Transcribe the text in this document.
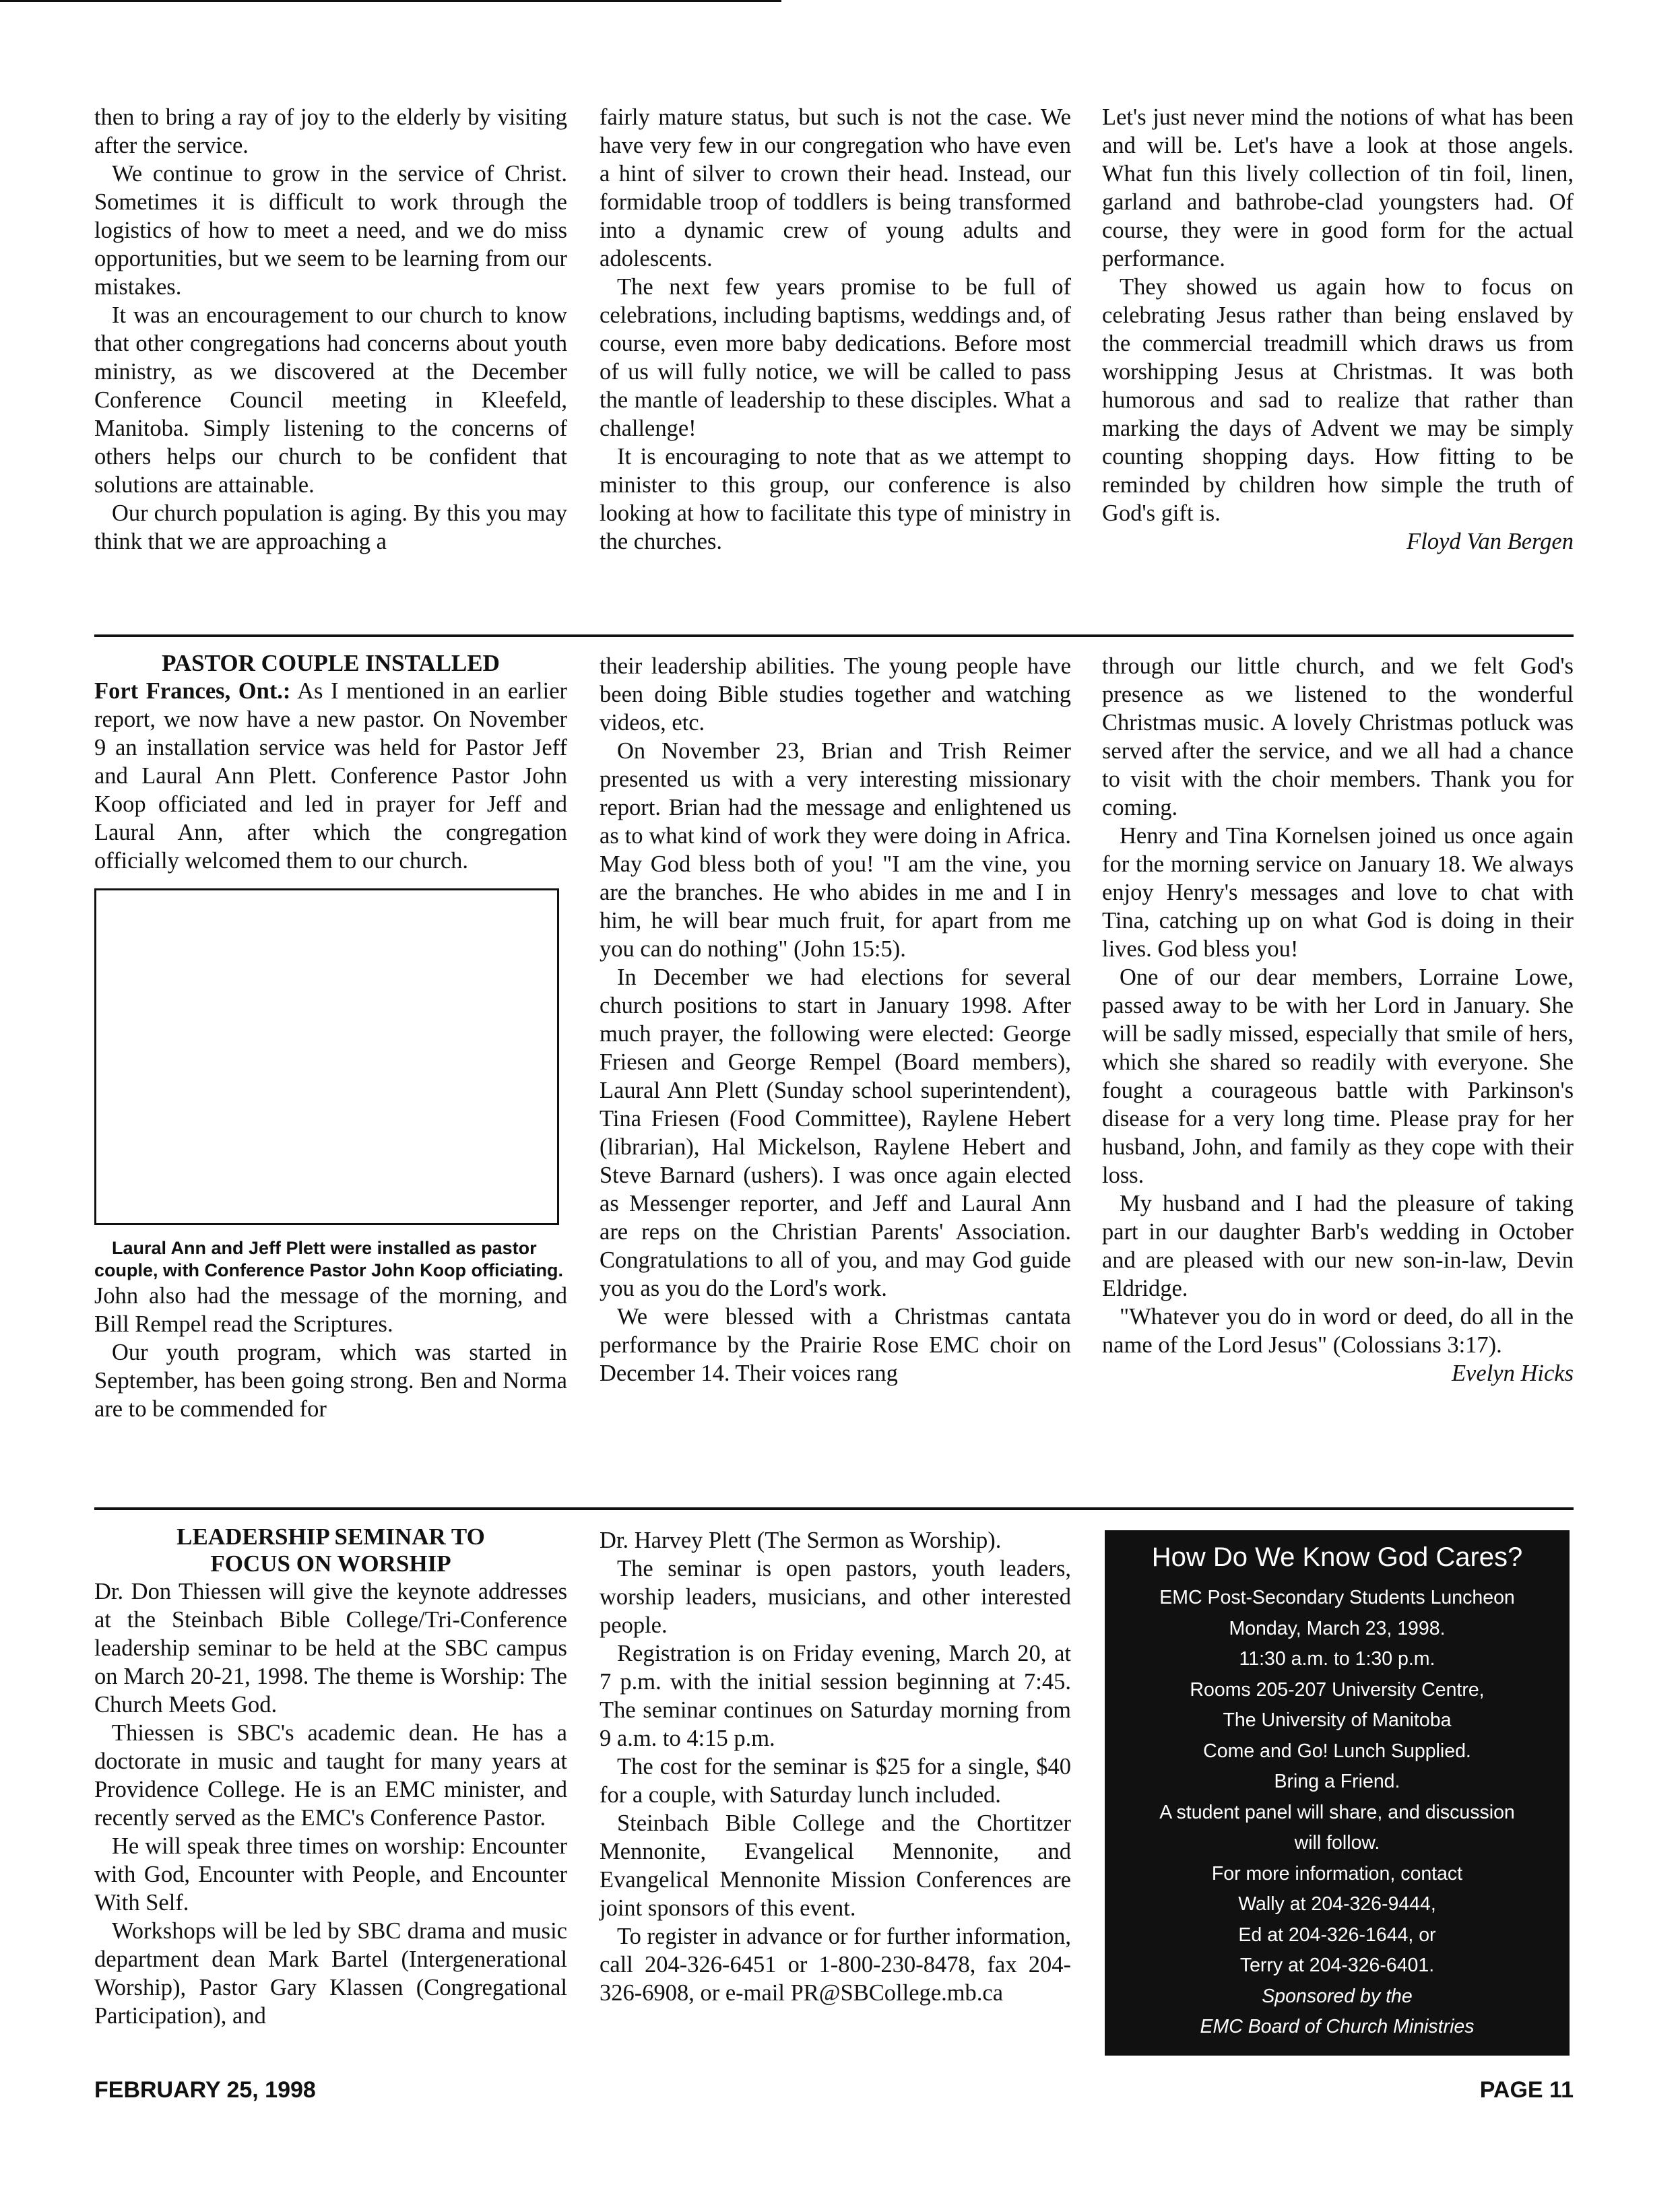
then to bring a ray of joy to the elderly by visiting after the service.

We continue to grow in the service of Christ. Sometimes it is difficult to work through the logistics of how to meet a need, and we do miss opportunities, but we seem to be learning from our mistakes.

It was an encouragement to our church to know that other congregations had concerns about youth ministry, as we discovered at the December Conference Council meeting in Kleefeld, Manitoba. Simply listening to the concerns of others helps our church to be confident that solutions are attainable.

Our church population is aging. By this you may think that we are approaching a

fairly mature status, but such is not the case. We have very few in our congregation who have even a hint of silver to crown their head. Instead, our formidable troop of toddlers is being transformed into a dynamic crew of young adults and adolescents.

The next few years promise to be full of celebrations, including baptisms, weddings and, of course, even more baby dedications. Before most of us will fully notice, we will be called to pass the mantle of leadership to these disciples. What a challenge!

It is encouraging to note that as we attempt to minister to this group, our conference is also looking at how to facilitate this type of ministry in the churches.

Let's just never mind the notions of what has been and will be. Let's have a look at those angels. What fun this lively collection of tin foil, linen, garland and bathrobe-clad youngsters had. Of course, they were in good form for the actual performance.

They showed us again how to focus on celebrating Jesus rather than being enslaved by the commercial treadmill which draws us from worshipping Jesus at Christmas. It was both humorous and sad to realize that rather than marking the days of Advent we may be simply counting shopping days. How fitting to be reminded by children how simple the truth of God's gift is.

Floyd Van Bergen

PASTOR COUPLE INSTALLED

Fort Frances, Ont.: As I mentioned in an earlier report, we now have a new pastor. On November 9 an installation service was held for Pastor Jeff and Laural Ann Plett. Conference Pastor John Koop officiated and led in prayer for Jeff and Laural Ann, after which the congregation officially welcomed them to our church.

Laural Ann and Jeff Plett were installed as pastor couple, with Conference Pastor John Koop officiating.

John also had the message of the morning, and Bill Rempel read the Scriptures.

Our youth program, which was started in September, has been going strong. Ben and Norma are to be commended for

their leadership abilities. The young people have been doing Bible studies together and watching videos, etc.

On November 23, Brian and Trish Reimer presented us with a very interesting missionary report. Brian had the message and enlightened us as to what kind of work they were doing in Africa. May God bless both of you! "I am the vine, you are the branches. He who abides in me and I in him, he will bear much fruit, for apart from me you can do nothing" (John 15:5).

In December we had elections for several church positions to start in January 1998. After much prayer, the following were elected: George Friesen and George Rempel (Board members), Laural Ann Plett (Sunday school superintendent), Tina Friesen (Food Committee), Raylene Hebert (librarian), Hal Mickelson, Raylene Hebert and Steve Barnard (ushers). I was once again elected as Messenger reporter, and Jeff and Laural Ann are reps on the Christian Parents' Association. Congratulations to all of you, and may God guide you as you do the Lord's work.

We were blessed with a Christmas cantata performance by the Prairie Rose EMC choir on December 14. Their voices rang

through our little church, and we felt God's presence as we listened to the wonderful Christmas music. A lovely Christmas potluck was served after the service, and we all had a chance to visit with the choir members. Thank you for coming.

Henry and Tina Kornelsen joined us once again for the morning service on January 18. We always enjoy Henry's messages and love to chat with Tina, catching up on what God is doing in their lives. God bless you!

One of our dear members, Lorraine Lowe, passed away to be with her Lord in January. She will be sadly missed, especially that smile of hers, which she shared so readily with everyone. She fought a courageous battle with Parkinson's disease for a very long time. Please pray for her husband, John, and family as they cope with their loss.

My husband and I had the pleasure of taking part in our daughter Barb's wedding in October and are pleased with our new son-in-law, Devin Eldridge.

"Whatever you do in word or deed, do all in the name of the Lord Jesus" (Colossians 3:17).

Evelyn Hicks

LEADERSHIP SEMINAR TO
FOCUS ON WORSHIP

Dr. Don Thiessen will give the keynote addresses at the Steinbach Bible College/Tri-Conference leadership seminar to be held at the SBC campus on March 20-21, 1998. The theme is Worship: The Church Meets God.

Thiessen is SBC's academic dean. He has a doctorate in music and taught for many years at Providence College. He is an EMC minister, and recently served as the EMC's Conference Pastor.

He will speak three times on worship: Encounter with God, Encounter with People, and Encounter With Self.

Workshops will be led by SBC drama and music department dean Mark Bartel (Intergenerational Worship), Pastor Gary Klassen (Congregational Participation), and

Dr. Harvey Plett (The Sermon as Worship).

The seminar is open pastors, youth leaders, worship leaders, musicians, and other interested people.

Registration is on Friday evening, March 20, at 7 p.m. with the initial session beginning at 7:45. The seminar continues on Saturday morning from 9 a.m. to 4:15 p.m.

The cost for the seminar is $25 for a single, $40 for a couple, with Saturday lunch included.

Steinbach Bible College and the Chortitzer Mennonite, Evangelical Mennonite, and Evangelical Mennonite Mission Conferences are joint sponsors of this event.

To register in advance or for further information, call 204-326-6451 or 1-800-230-8478, fax 204-326-6908, or e-mail PR@SBCollege.mb.ca

How Do We Know God Cares?
EMC Post-Secondary Students Luncheon
Monday, March 23, 1998.
11:30 a.m. to 1:30 p.m.
Rooms 205-207 University Centre,
The University of Manitoba
Come and Go! Lunch Supplied.
Bring a Friend.
A student panel will share, and discussion
will follow.
For more information, contact
Wally at 204-326-9444,
Ed at 204-326-1644, or
Terry at 204-326-6401.
Sponsored by the
EMC Board of Church Ministries
FEBRUARY 25, 1998	PAGE 11
